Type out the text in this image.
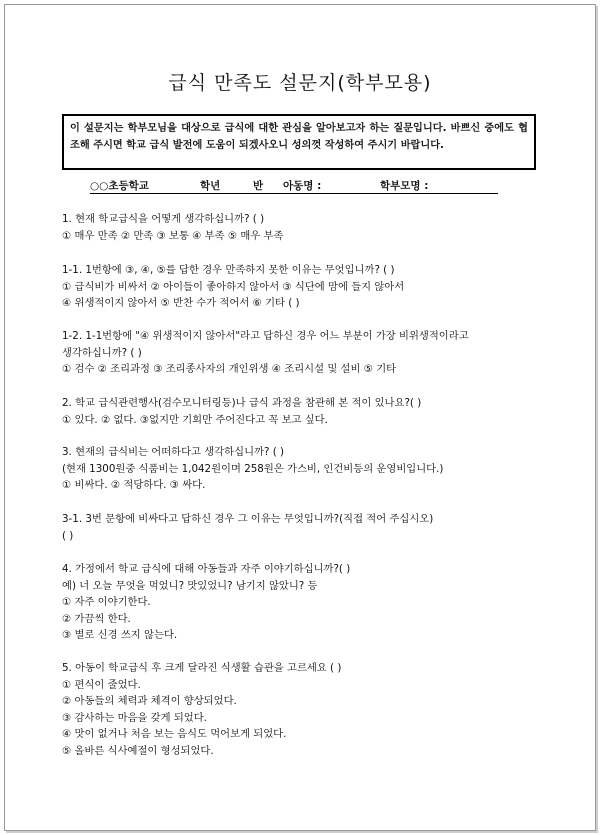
급식 만족도 설문지(학부모용)
이 설문지는 학부모님을 대상으로 급식에 대한 관심을 알아보고자 하는 질문입니다. 바쁘신 중에도 협조해 주시면 학교 급식 발전에 도움이 되겠사오니 성의껏 작성하여 주시기 바랍니다.
○○초등학교	학년	반 아동명 :	학부모명 :
1. 현재 학교급식을 어떻게 생각하십니까? ( )
① 매우 만족 ② 만족 ③ 보통 ④ 부족 ⑤ 매우 부족
1-1. 1번항에 ③, ④, ⑤를 답한 경우 만족하지 못한 이유는 무엇입니까? ( )
① 급식비가 비싸서 ② 아이들이 좋아하지 않아서 ③ 식단에 맘에 들지 않아서
④ 위생적이지 않아서 ⑤ 반찬 수가 적어서 ⑥ 기타 ( )
1-2. 1-1번항에 "④ 위생적이지 않아서"라고 답하신 경우 어느 부분이 가장 비위생적이라고
생각하십니까? ( )
① 검수 ② 조리과정 ③ 조리종사자의 개인위생 ④ 조리시설 및 설비 ⑤ 기타
2. 학교 급식관련행사(검수모니터링등)나 급식 과정을 참관해 본 적이 있나요?( )
① 있다. ② 없다. ③없지만 기회만 주어진다고 꼭 보고 싶다.
3. 현재의 급식비는 어떠하다고 생각하십니까? ( )
(현재 1300원중 식품비는 1,042원이며 258원은 가스비, 인건비등의 운영비입니다.)
① 비싸다. ② 적당하다. ③ 싸다.
3-1. 3번 문항에 비싸다고 답하신 경우 그 이유는 무엇입니까?(직접 적어 주십시오)
( )
4. 가정에서 학교 급식에 대해 아동들과 자주 이야기하십니까?( )
예) 너 오늘 무엇을 먹었니? 맛있었니? 남기지 않았니? 등
① 자주 이야기한다.
② 가끔씩 한다.
③ 별로 신경 쓰지 않는다.
5. 아동이 학교급식 후 크게 달라진 식생활 습관을 고르세요 ( )
① 편식이 줄었다.
② 아동들의 체력과 체격이 향상되었다.
③ 감사하는 마음을 갖게 되었다.
④ 맛이 없거나 처음 보는 음식도 먹어보게 되었다.
⑤ 올바른 식사예절이 형성되었다.
